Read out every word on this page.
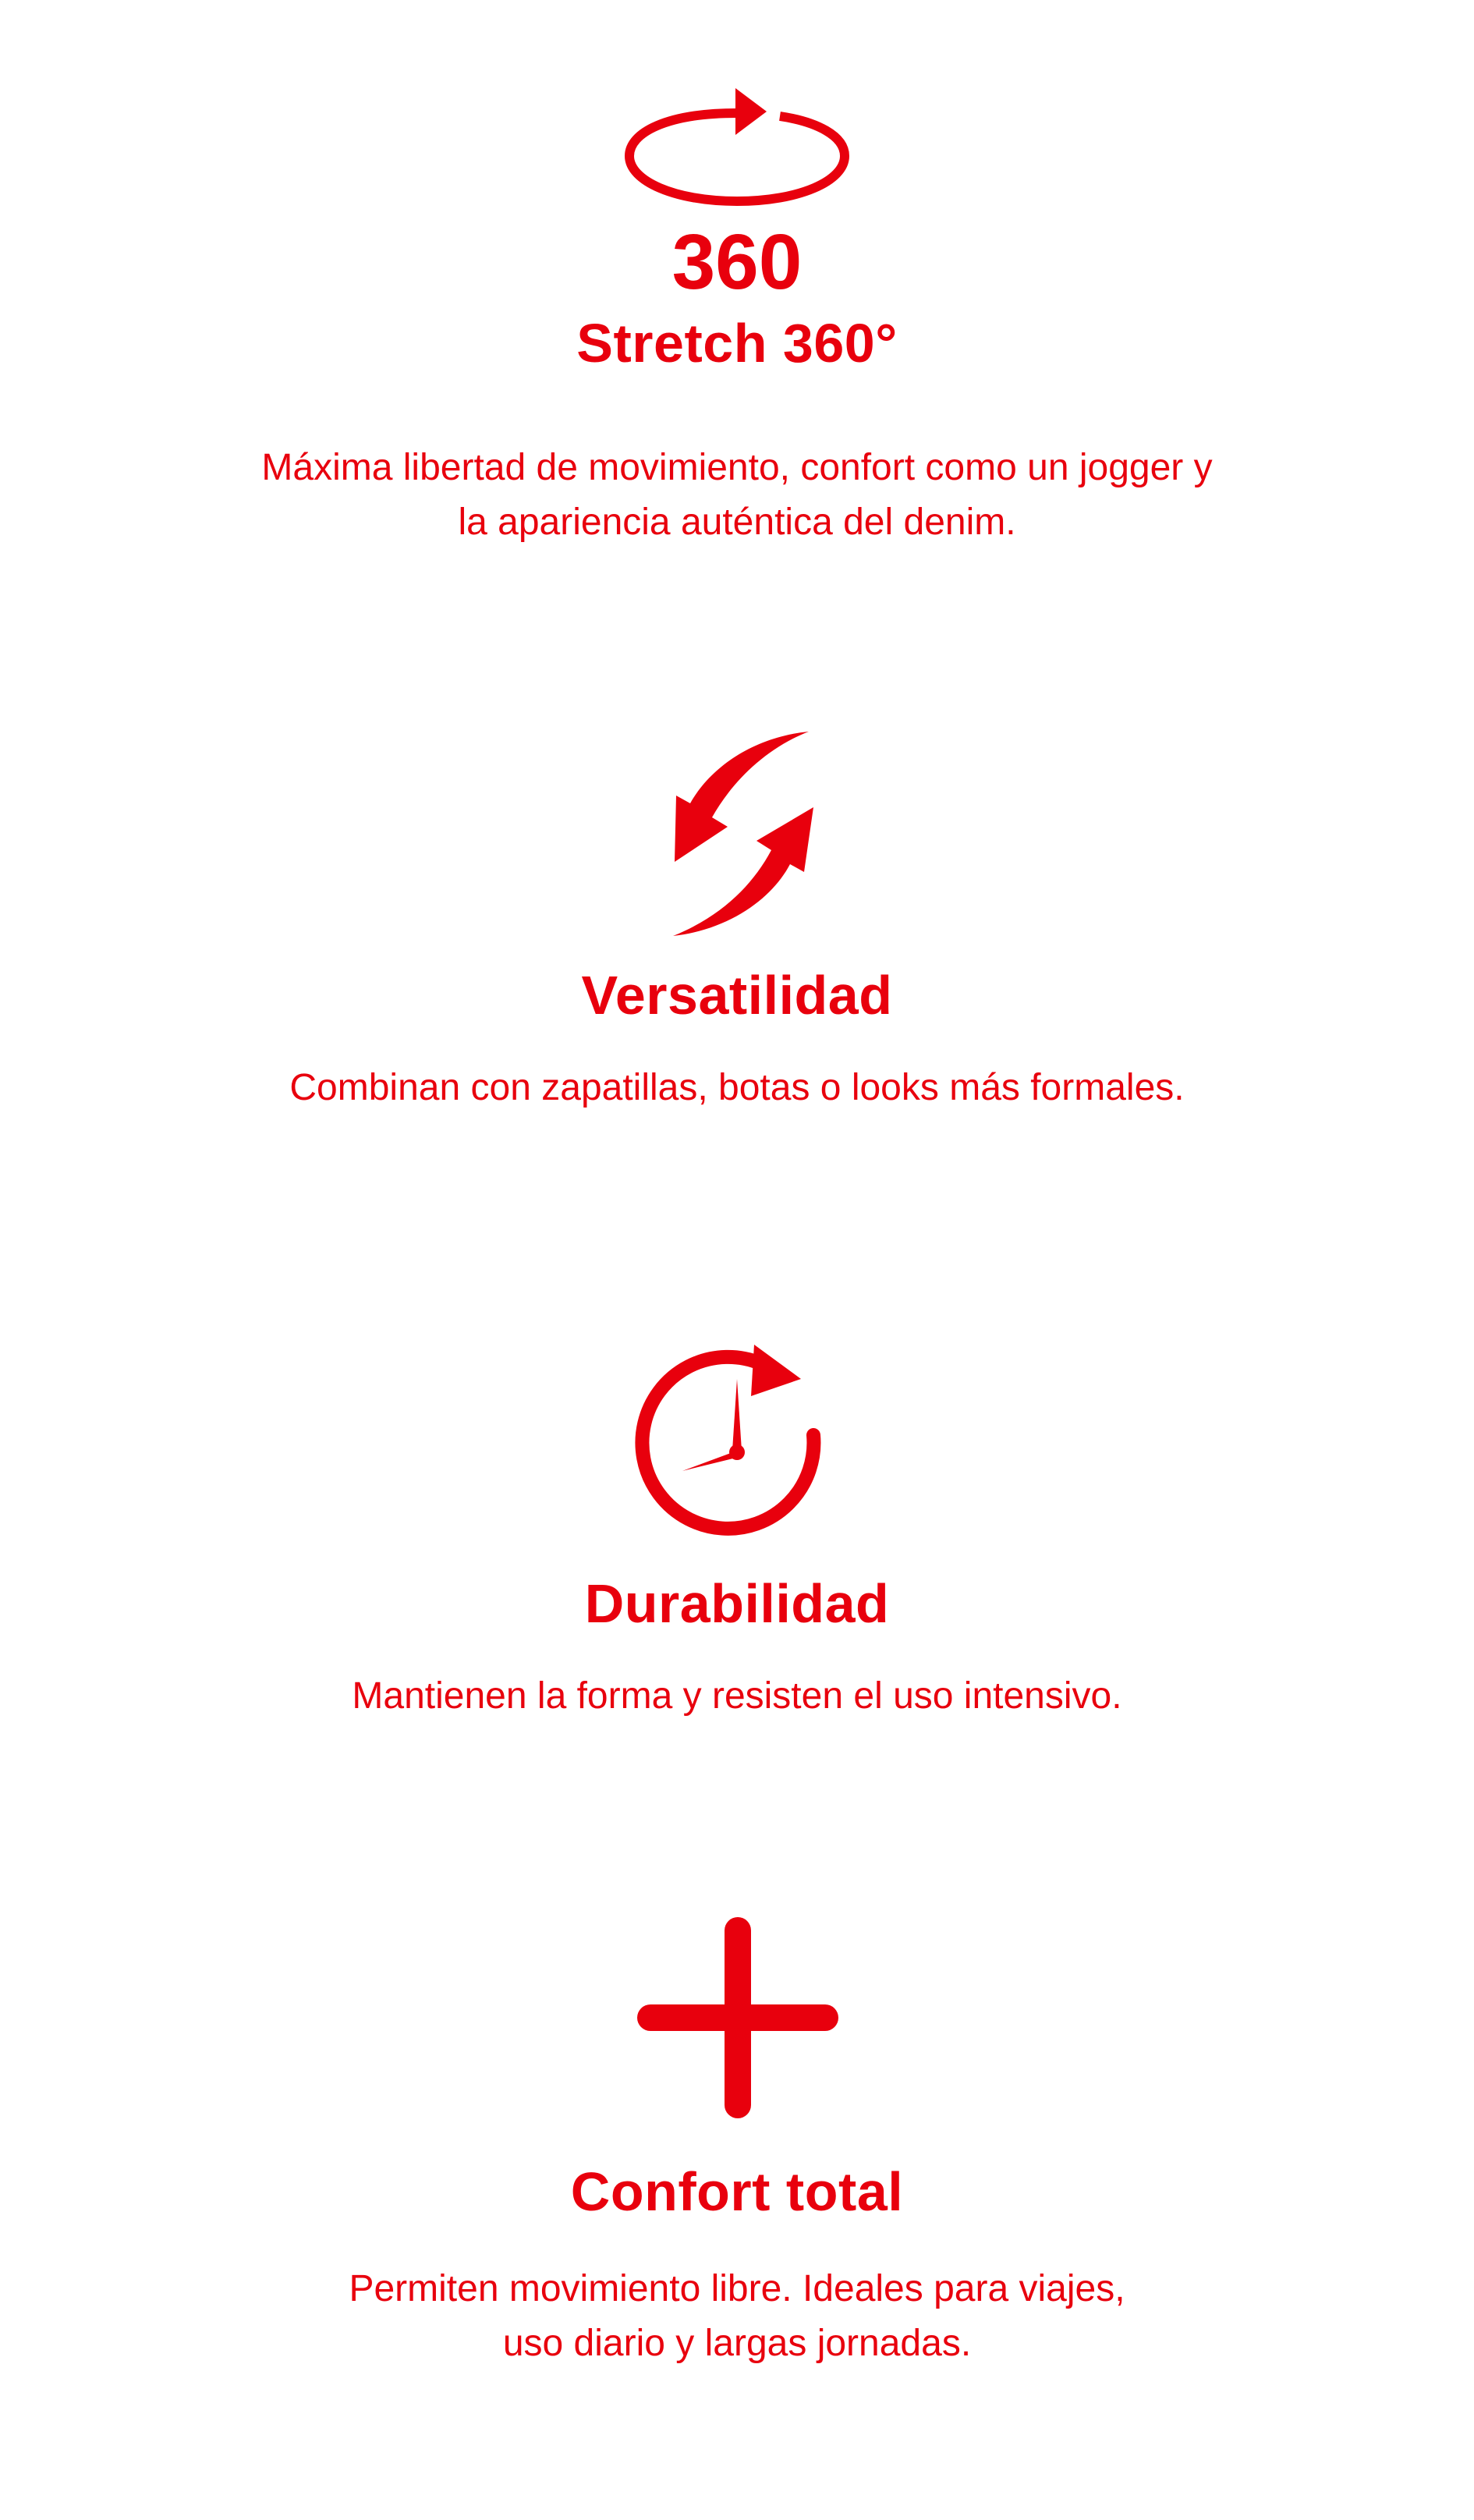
360
Stretch 360°
Máxima libertad de movimiento, confort como un jogger y
la apariencia auténtica del denim.
Versatilidad
Combinan con zapatillas, botas o looks más formales.
Durabilidad
Mantienen la forma y resisten el uso intensivo.
Confort total
Permiten movimiento libre. Ideales para viajes,
uso diario y largas jornadas.
